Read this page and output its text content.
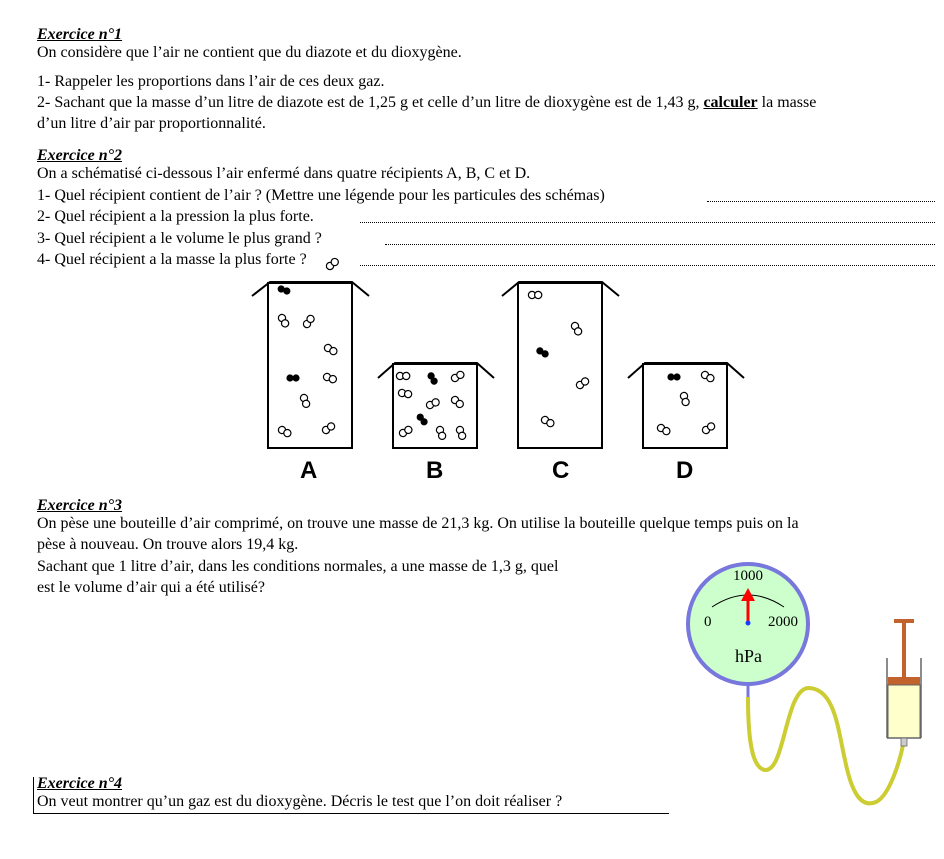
Exercice n°1
On considère que l’air ne contient que du diazote et du dioxygène.
1- Rappeler les proportions dans l’air de ces deux gaz.
2- Sachant que la masse d’un litre de diazote est de 1,25 g et celle d’un litre de dioxygène est de 1,43 g, calculer la masse
d’un litre d’air par proportionnalité.
Exercice n°2
On a schématisé ci-dessous l’air enfermé dans quatre récipients A, B, C et D.
1- Quel récipient contient de l’air ? (Mettre une légende pour les particules des schémas)
2- Quel récipient a la pression la plus forte.
3- Quel récipient a le volume le plus grand ?
4- Quel récipient a la masse la plus forte ?
A	B	C	D
1000
0	2000
hPa
Exercice n°3
On pèse une bouteille d’air comprimé, on trouve une masse de 21,3 kg. On utilise la bouteille quelque temps puis on la
pèse à nouveau. On trouve alors 19,4 kg.
Sachant que 1 litre d’air, dans les conditions normales, a une masse de 1,3 g, quel
est le volume d’air qui a été utilisé?
Exercice n°4
On veut montrer qu’un gaz est du dioxygène. Décris le test que l’on doit réaliser ?
